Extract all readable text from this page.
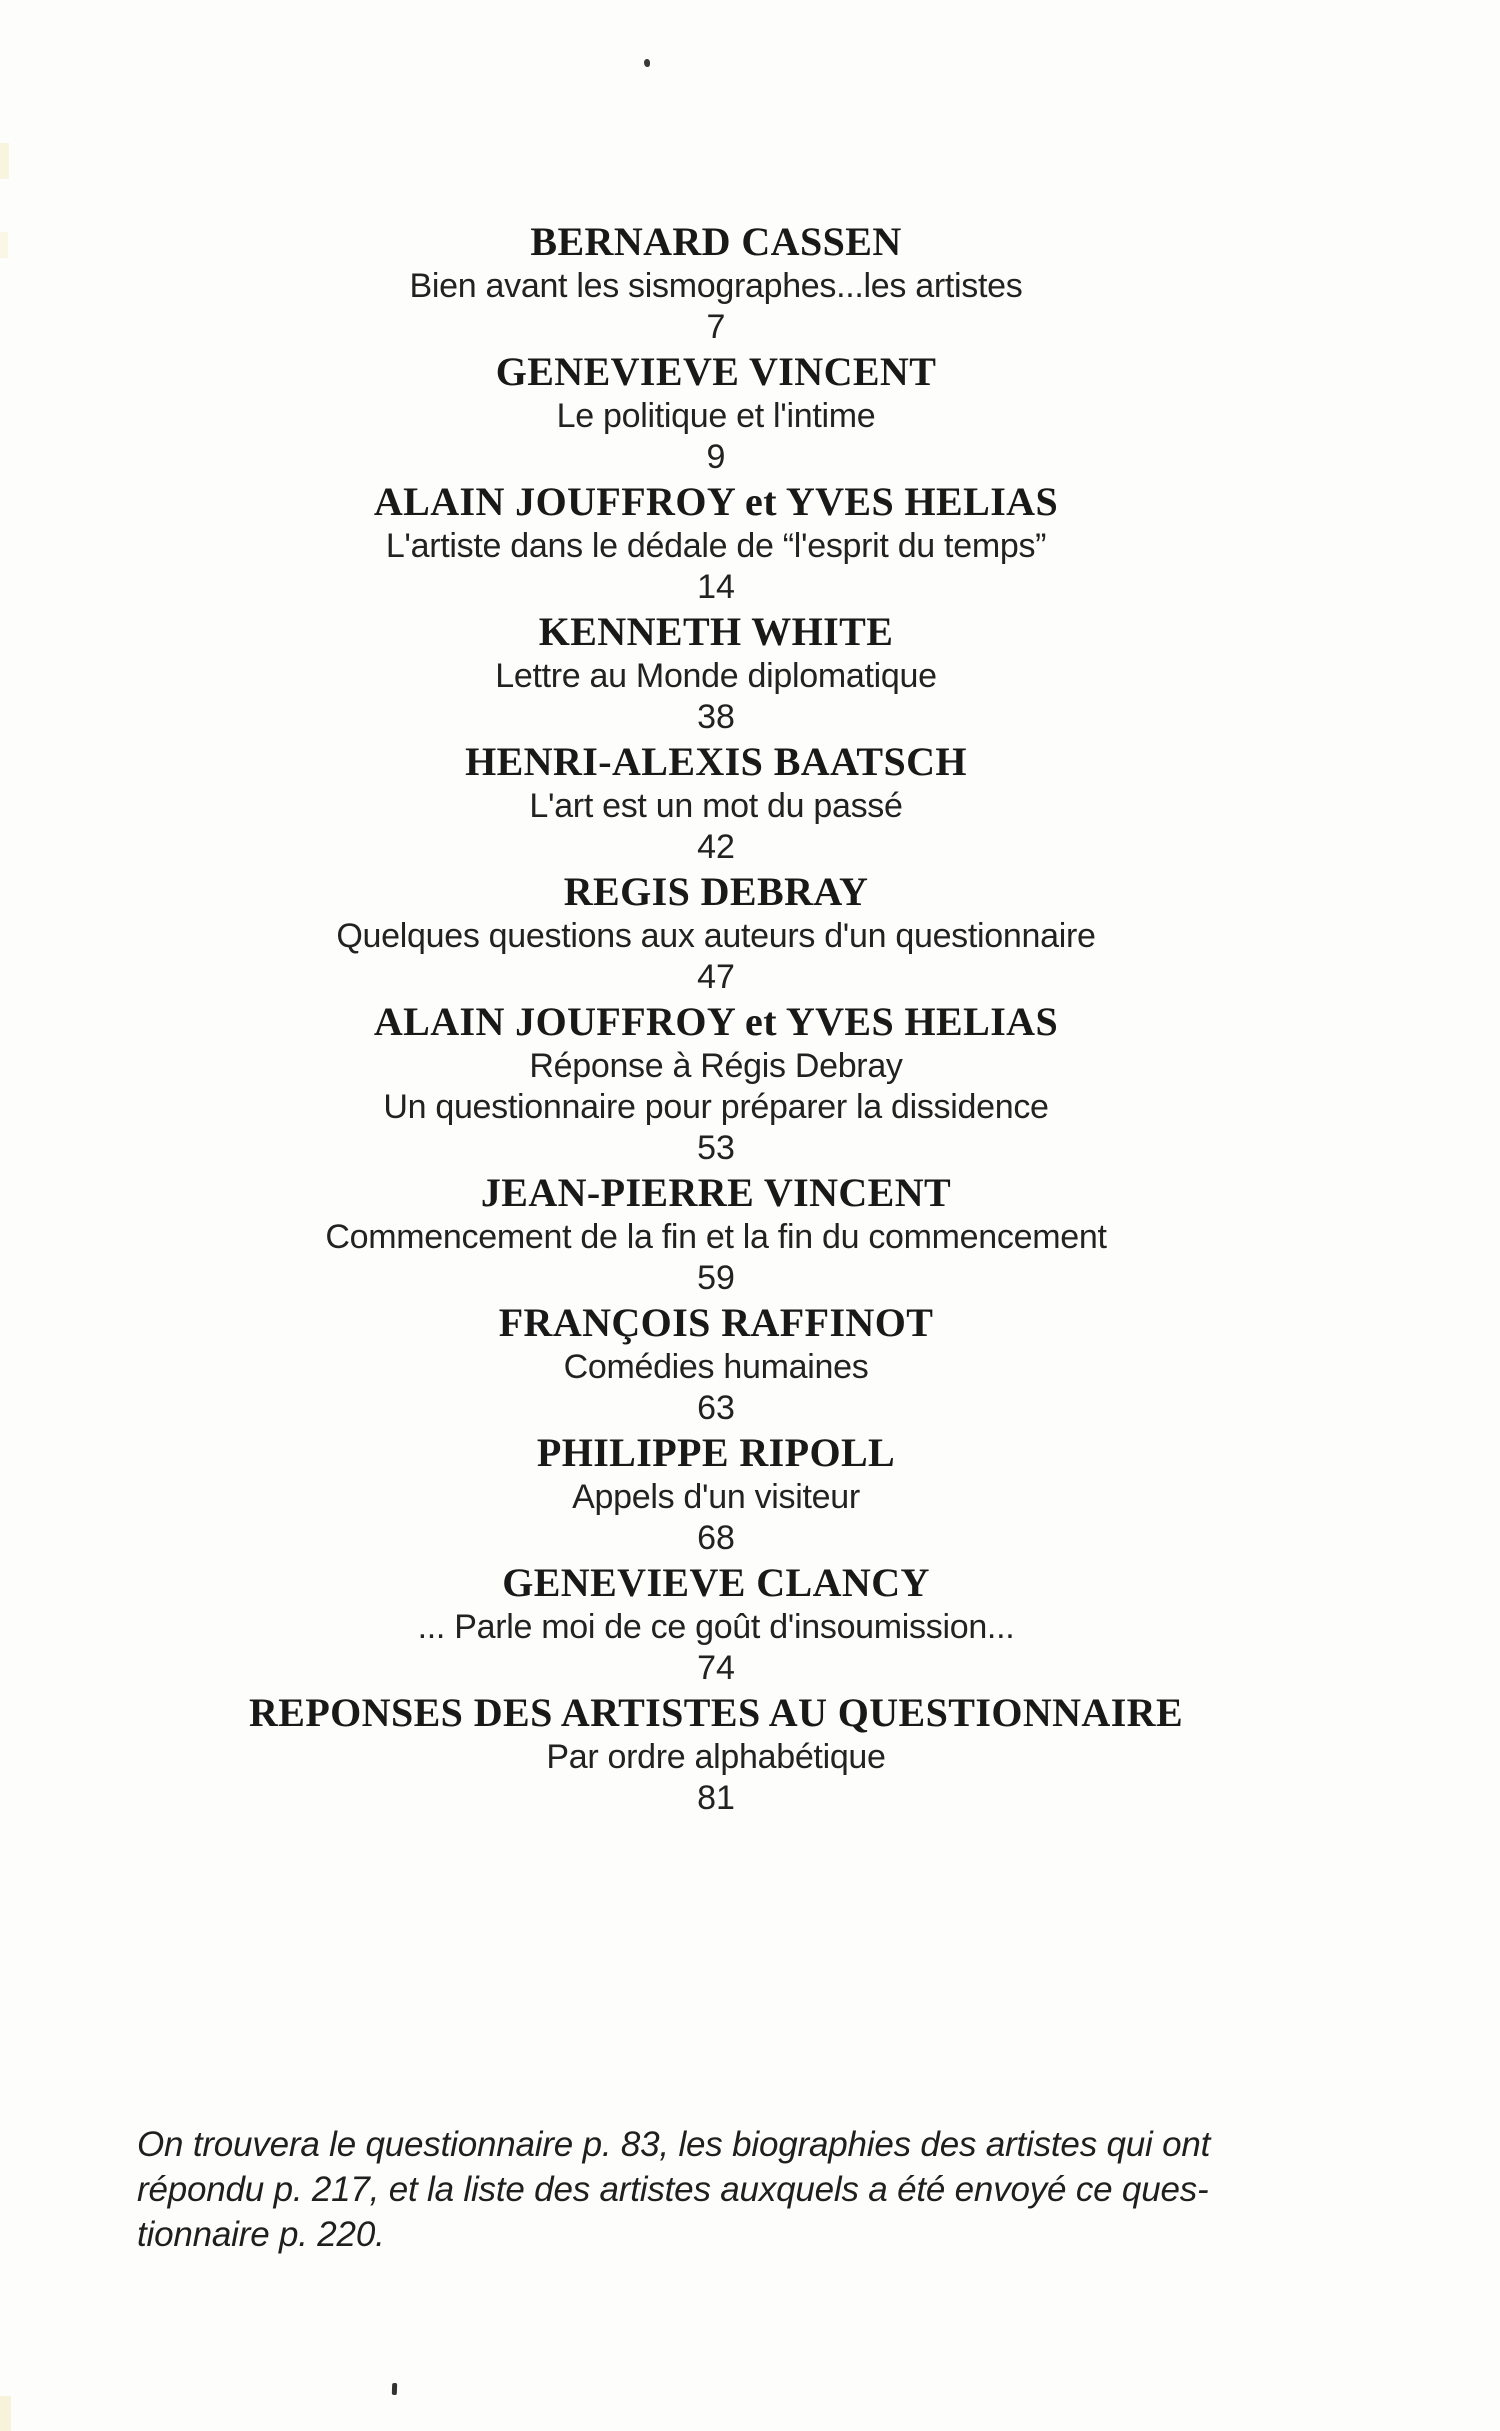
BERNARD CASSEN
Bien avant les sismographes...les artistes
7
GENEVIEVE VINCENT
Le politique et l'intime
9
ALAIN JOUFFROY et YVES HELIAS
L'artiste dans le dédale de “l'esprit du temps”
14
KENNETH WHITE
Lettre au Monde diplomatique
38
HENRI-ALEXIS BAATSCH
L'art est un mot du passé
42
REGIS DEBRAY
Quelques questions aux auteurs d'un questionnaire
47
ALAIN JOUFFROY et YVES HELIAS
Réponse à Régis Debray
Un questionnaire pour préparer la dissidence
53
JEAN-PIERRE VINCENT
Commencement de la fin et la fin du commencement
59
FRANÇOIS RAFFINOT
Comédies humaines
63
PHILIPPE RIPOLL
Appels d'un visiteur
68
GENEVIEVE CLANCY
... Parle moi de ce goût d'insoumission...
74
REPONSES DES ARTISTES AU QUESTIONNAIRE
Par ordre alphabétique
81
On trouvera le questionnaire p. 83, les biographies des artistes qui ont
répondu p. 217, et la liste des artistes auxquels a été envoyé ce ques-
tionnaire p. 220.
